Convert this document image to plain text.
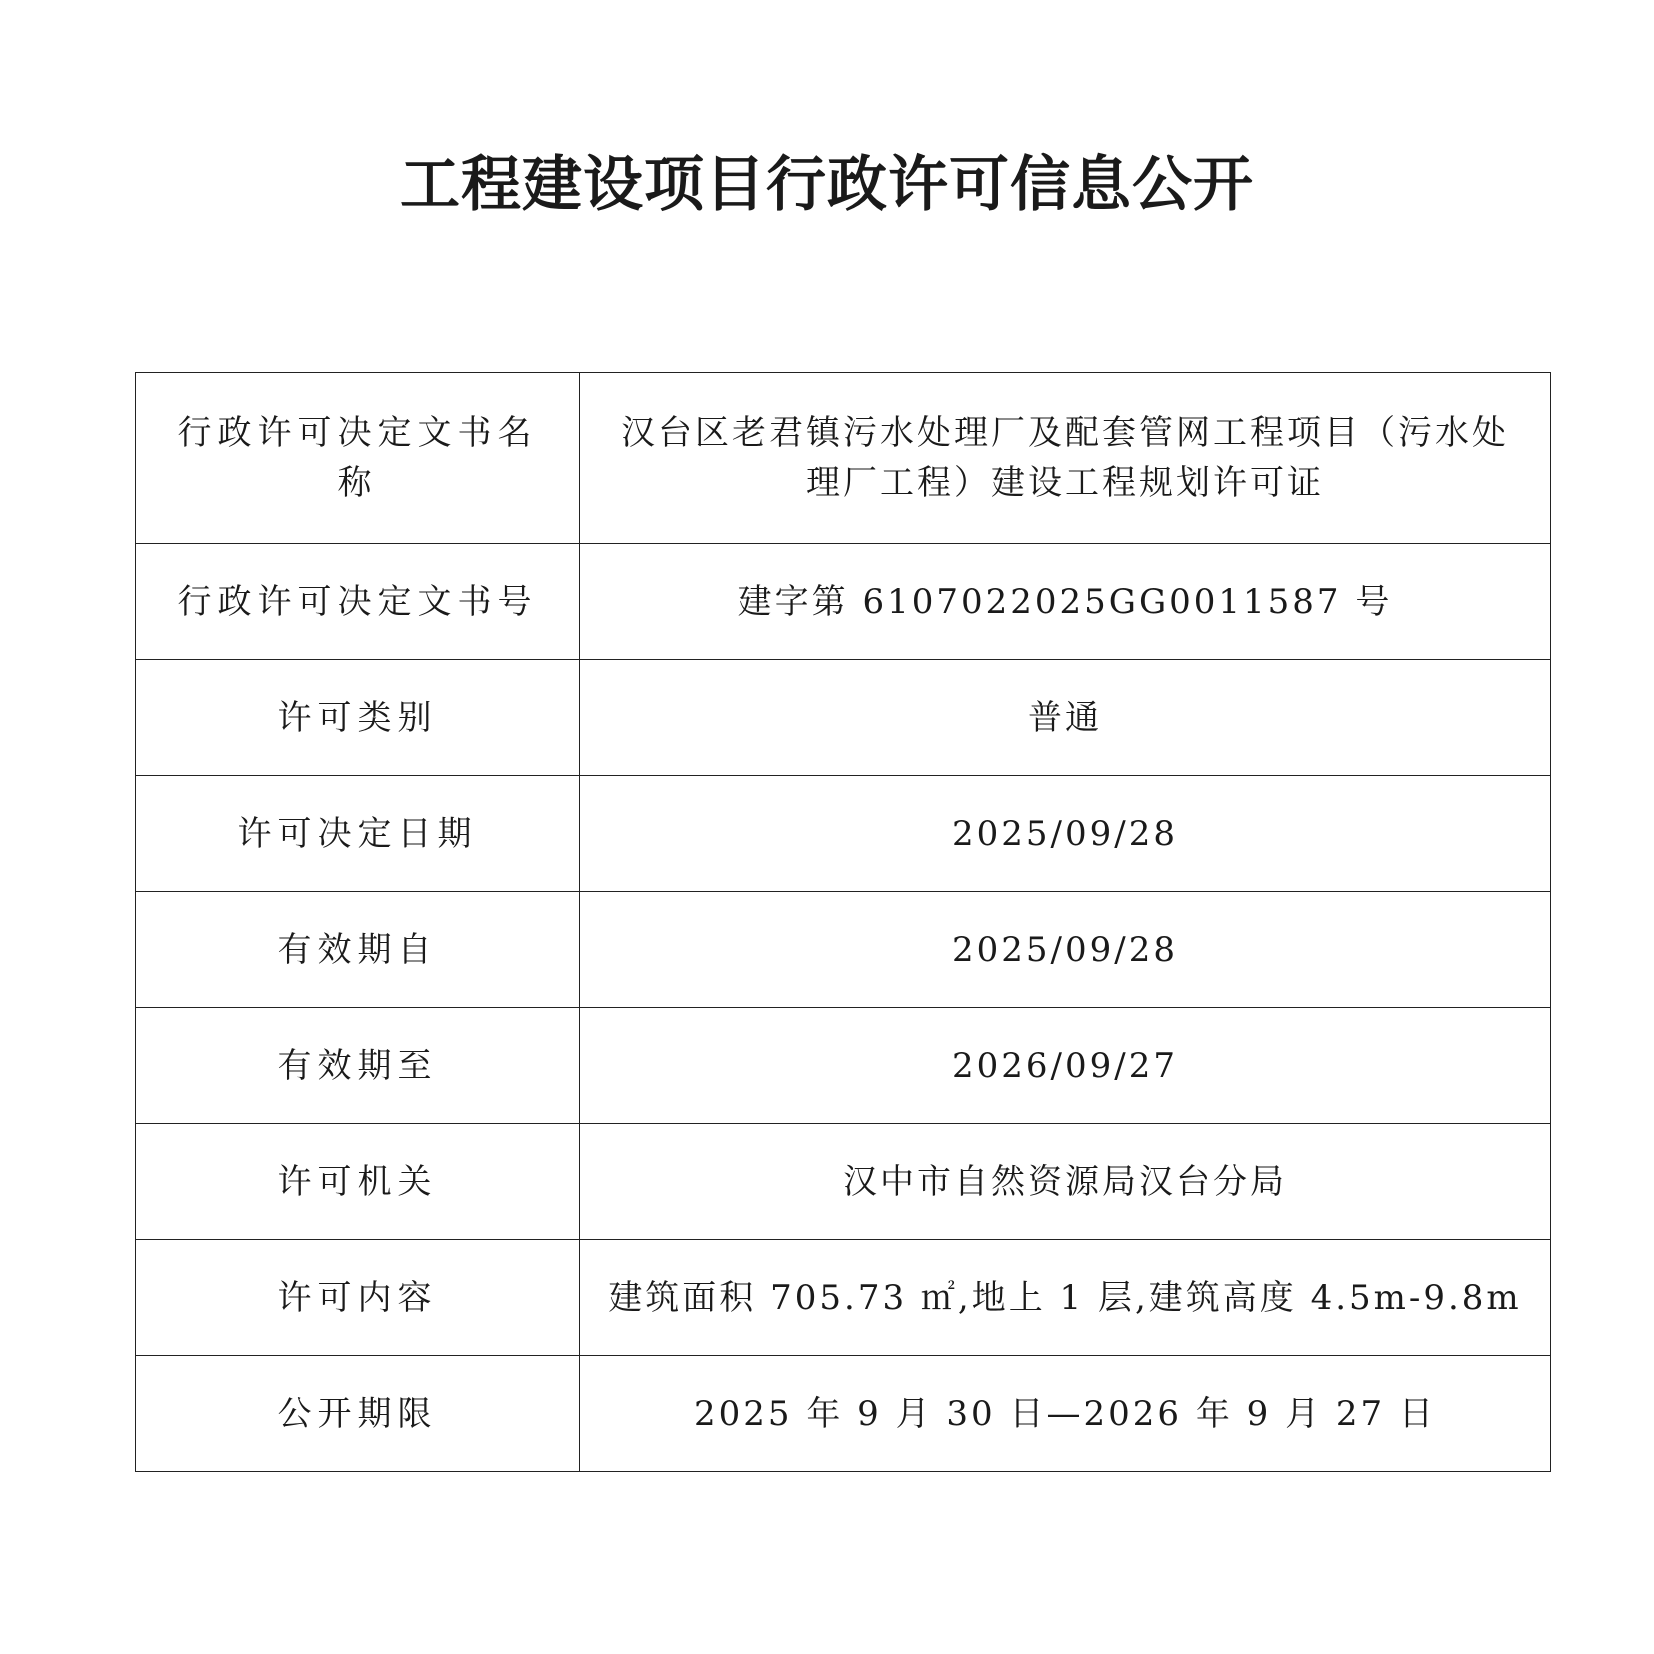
工程建设项目行政许可信息公开
行政许可决定文书名称	汉台区老君镇污水处理厂及配套管网工程项目（污水处理厂工程）建设工程规划许可证
行政许可决定文书号	建字第 6107022025GG0011587 号
许可类别	普通
许可决定日期	2025/09/28
有效期自	2025/09/28
有效期至	2026/09/27
许可机关	汉中市自然资源局汉台分局
许可内容	建筑面积 705.73 ㎡,地上 1 层,建筑高度 4.5m-9.8m
公开期限	2025 年 9 月 30 日—2026 年 9 月 27 日
